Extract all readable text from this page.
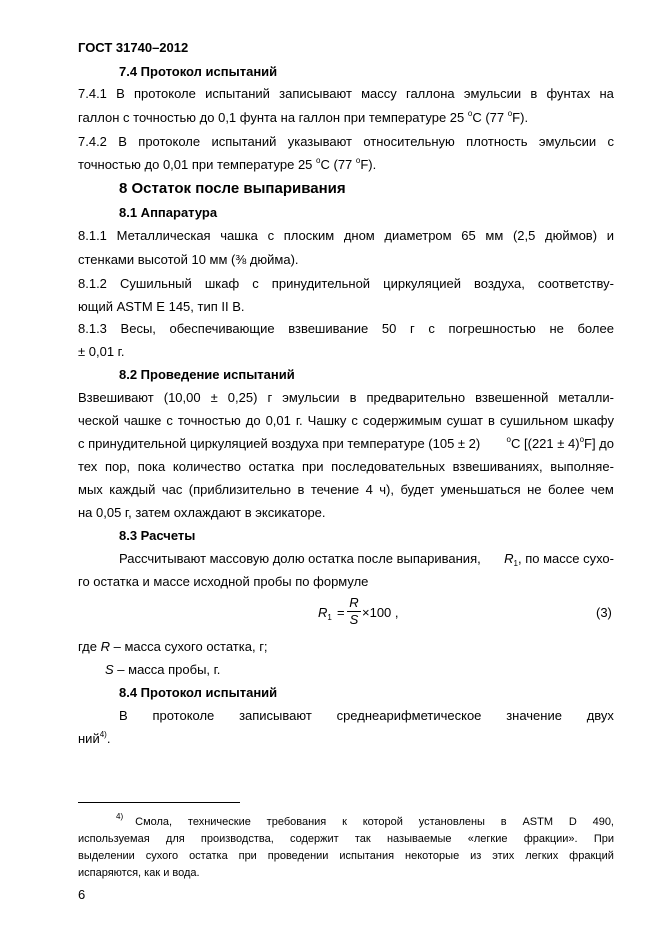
ГОСТ 31740–2012
7.4 Протокол испытаний
7.4.1 В протоколе испытаний записывают массу галлона эмульсии в фунтах на
галлон с точностью до 0,1 фунта на галлон при температуре 25 $^o$С (77 $^o$F).
7.4.2 В протоколе испытаний указывают относительную плотность эмульсии с
точностью до 0,01 при температуре 25 $^o$С (77 $^o$F).
8 Остаток после выпаривания
8.1 Аппаратура
8.1.1 Металлическая чашка с плоским дном диаметром 65 мм (2,5 дюймов) и
стенками высотой 10 мм (⅜ дюйма).
8.1.2 Сушильный шкаф с принудительной циркуляцией воздуха, соответству-
ющий ASTM E 145, тип II B.
8.1.3 Весы, обеспечивающие взвешивание 50 г с погрешностью не более
± 0,01 г.
8.2 Проведение испытаний
Взвешивают (10,00 ± 0,25) г эмульсии в предварительно взвешенной металли-
ческой чашке с точностью до 0,01 г. Чашку с содержимым сушат в сушильном шкафу
с принудительной циркуляцией воздуха при температуре (105 ± 2)	$^o$С $[(221 \pm 4)^oF]$ до
тех пор, пока количество остатка при последовательных взвешиваниях, выполняе-
мых каждый час (приблизительно в течение 4 ч), будет уменьшаться не более чем
на 0,05 г, затем охлаждают в эксикаторе.
8.3 Расчеты
Рассчитывают массовую долю остатка после выпаривания, $R_1$, по массе сухо-
го остатка и массе исходной пробы по формуле
$R_1$ =
R
S ×100 ,	(3)
где R – масса сухого остатка, г;
S – масса пробы, г.
8.4 Протокол испытаний
В протоколе записывают среднеарифметическое значение двух
ний$^{4)}$.
$^{4)}$ Смола, технические требования к которой установлены в ASTM D 490,
используемая для производства, содержит так называемые «легкие фракции». При
выделении сухого остатка при проведении испытания некоторые из этих легких фракций
испаряются, как и вода.
6
